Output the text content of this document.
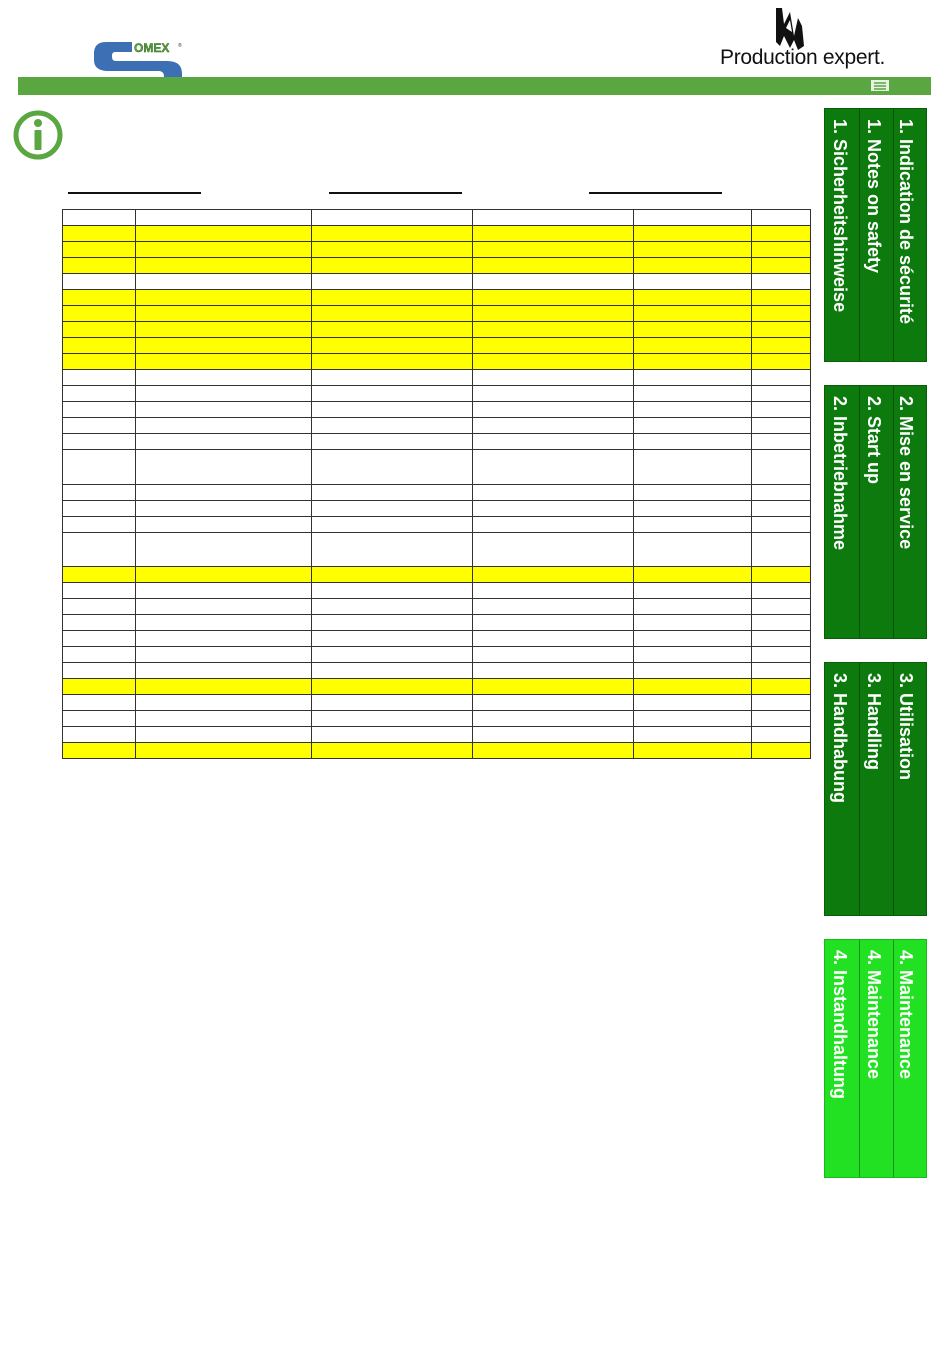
OMEX ®	Production expert.

1. Indication de sécurité
1. Notes on safety
1. Sicherheitshinweise
2. Mise en service
2. Start up
2. Inbetriebnahme
3. Utilisation
3. Handling
3. Handhabung
4. Maintenance
4. Maintenance
4. Instandhaltung
